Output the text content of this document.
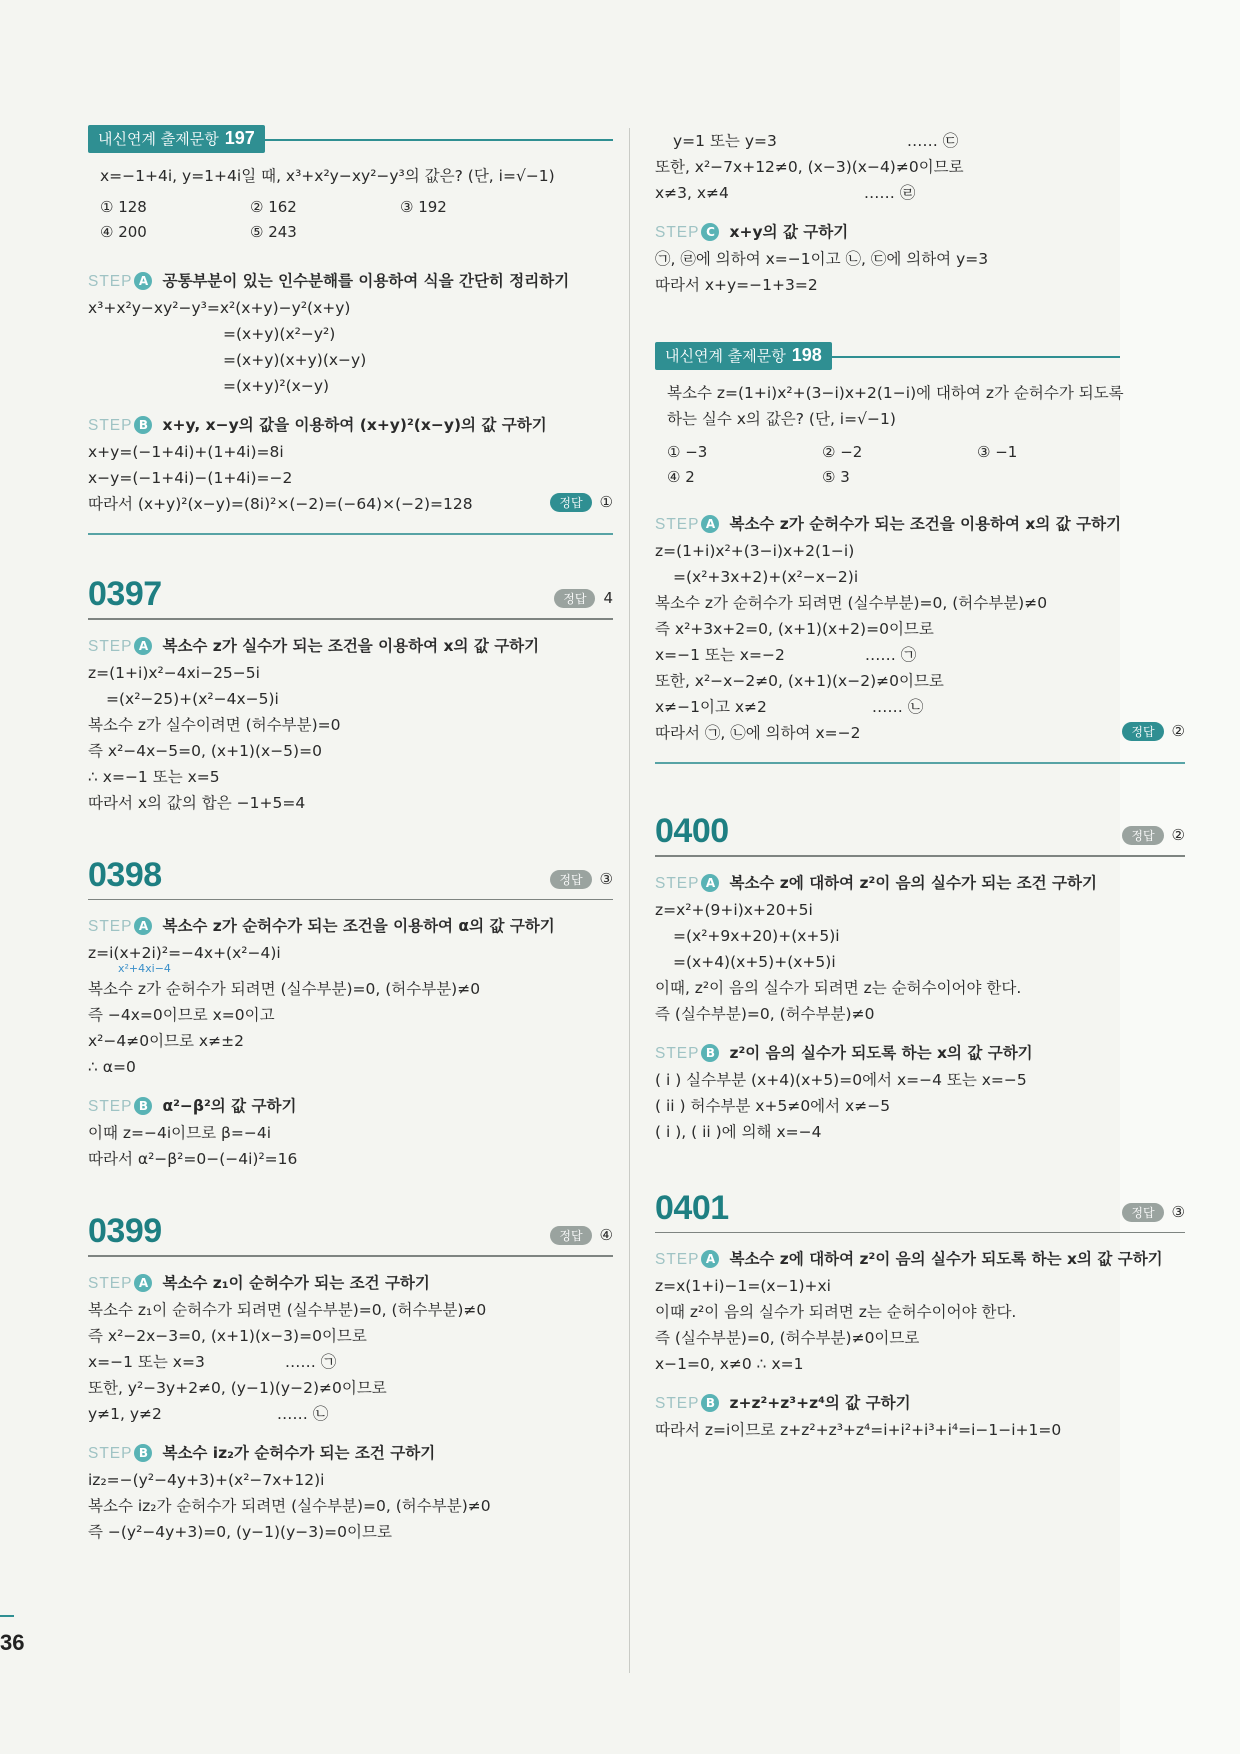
36
내신연계 출제문항 197
x=−1+4i, y=1+4i일 때, x³+x²y−xy²−y³의 값은? (단, i=√−1)
① 128	② 162	③ 192
④ 200	⑤ 243
STEP A 공통부분이 있는 인수분해를 이용하여 식을 간단히 정리하기
x³+x²y−xy²−y³=x²(x+y)−y²(x+y)
=(x+y)(x²−y²)
=(x+y)(x+y)(x−y)
=(x+y)²(x−y)
STEP B x+y, x−y의 값을 이용하여 (x+y)²(x−y)의 값 구하기
x+y=(−1+4i)+(1+4i)=8i
x−y=(−1+4i)−(1+4i)=−2
따라서 (x+y)²(x−y)=(8i)²×(−2)=(−64)×(−2)=128	정답 ①
0397	정답 4
STEP A 복소수 z가 실수가 되는 조건을 이용하여 x의 값 구하기
z=(1+i)x²−4xi−25−5i
=(x²−25)+(x²−4x−5)i
복소수 z가 실수이려면 (허수부분)=0
즉 x²−4x−5=0, (x+1)(x−5)=0
∴ x=−1 또는 x=5
따라서 x의 값의 합은 −1+5=4
0398	정답 ③
STEP A 복소수 z가 순허수가 되는 조건을 이용하여 α의 값 구하기
z=i(x+2i)²=−4x+(x²−4)i
x²+4xi−4
복소수 z가 순허수가 되려면 (실수부분)=0, (허수부분)≠0
즉 −4x=0이므로 x=0이고
x²−4≠0이므로 x≠±2
∴ α=0
STEP B α²−β²의 값 구하기
이때 z=−4i이므로 β=−4i
따라서 α²−β²=0−(−4i)²=16
0399	정답 ④
STEP A 복소수 z₁이 순허수가 되는 조건 구하기
복소수 z₁이 순허수가 되려면 (실수부분)=0, (허수부분)≠0
즉 x²−2x−3=0, (x+1)(x−3)=0이므로
x=−1 또는 x=3	…… ㉠
또한, y²−3y+2≠0, (y−1)(y−2)≠0이므로
y≠1, y≠2	…… ㉡
STEP B 복소수 iz₂가 순허수가 되는 조건 구하기
iz₂=−(y²−4y+3)+(x²−7x+12)i
복소수 iz₂가 순허수가 되려면 (실수부분)=0, (허수부분)≠0
즉 −(y²−4y+3)=0, (y−1)(y−3)=0이므로
y=1 또는 y=3	…… ㉢
또한, x²−7x+12≠0, (x−3)(x−4)≠0이므로
x≠3, x≠4	…… ㉣
STEP C x+y의 값 구하기
㉠, ㉣에 의하여 x=−1이고 ㉡, ㉢에 의하여 y=3
따라서 x+y=−1+3=2
내신연계 출제문항 198
복소수 z=(1+i)x²+(3−i)x+2(1−i)에 대하여 z가 순허수가 되도록
하는 실수 x의 값은? (단, i=√−1)
① −3	② −2	③ −1
④ 2	⑤ 3
STEP A 복소수 z가 순허수가 되는 조건을 이용하여 x의 값 구하기
z=(1+i)x²+(3−i)x+2(1−i)
=(x²+3x+2)+(x²−x−2)i
복소수 z가 순허수가 되려면 (실수부분)=0, (허수부분)≠0
즉 x²+3x+2=0, (x+1)(x+2)=0이므로
x=−1 또는 x=−2	…… ㉠
또한, x²−x−2≠0, (x+1)(x−2)≠0이므로
x≠−1이고 x≠2	…… ㉡
따라서 ㉠, ㉡에 의하여 x=−2	정답 ②
0400	정답 ②
STEP A 복소수 z에 대하여 z²이 음의 실수가 되는 조건 구하기
z=x²+(9+i)x+20+5i
=(x²+9x+20)+(x+5)i
=(x+4)(x+5)+(x+5)i
이때, z²이 음의 실수가 되려면 z는 순허수이어야 한다.
즉 (실수부분)=0, (허수부분)≠0
STEP B z²이 음의 실수가 되도록 하는 x의 값 구하기
( i ) 실수부분 (x+4)(x+5)=0에서 x=−4 또는 x=−5
( ii ) 허수부분 x+5≠0에서 x≠−5
( i ), ( ii )에 의해 x=−4
0401	정답 ③
STEP A 복소수 z에 대하여 z²이 음의 실수가 되도록 하는 x의 값 구하기
z=x(1+i)−1=(x−1)+xi
이때 z²이 음의 실수가 되려면 z는 순허수이어야 한다.
즉 (실수부분)=0, (허수부분)≠0이므로
x−1=0, x≠0 ∴ x=1
STEP B z+z²+z³+z⁴의 값 구하기
따라서 z=i이므로 z+z²+z³+z⁴=i+i²+i³+i⁴=i−1−i+1=0
